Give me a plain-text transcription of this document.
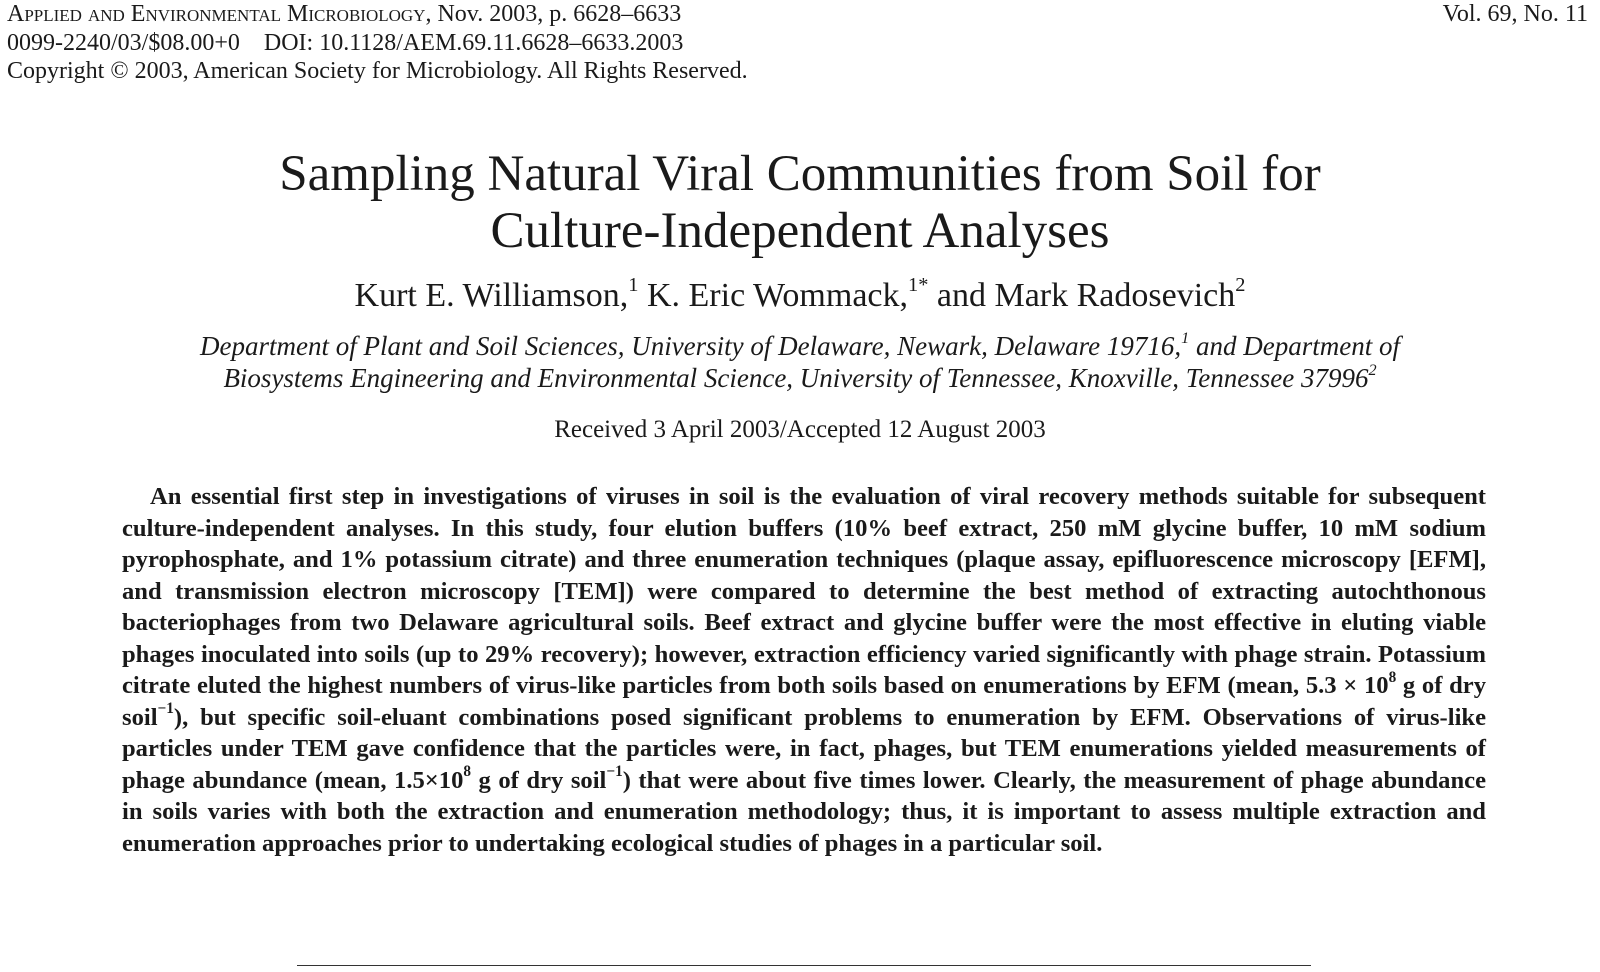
Applied and Environmental Microbiology, Nov. 2003, p. 6628–6633
0099-2240/03/$08.00+0    DOI: 10.1128/AEM.69.11.6628–6633.2003
Copyright © 2003, American Society for Microbiology. All Rights Reserved.
Vol. 69, No. 11
Sampling Natural Viral Communities from Soil for
Culture-Independent Analyses
Kurt E. Williamson,$^1$ K. Eric Wommack,$^{1*}$ and Mark Radosevich$^2$
Department of Plant and Soil Sciences, University of Delaware, Newark, Delaware 19716,$^1$ and Department of
Biosystems Engineering and Environmental Science, University of Tennessee, Knoxville, Tennessee 37996$^2$
Received 3 April 2003/Accepted 12 August 2003
An essential first step in investigations of viruses in soil is the evaluation of viral recovery methods suitable for subsequent culture-independent analyses. In this study, four elution buffers (10% beef extract, 250 mM glycine buffer, 10 mM sodium pyrophosphate, and 1% potassium citrate) and three enumeration techniques (plaque assay, epifluorescence microscopy [EFM], and transmission electron microscopy [TEM]) were compared to determine the best method of extracting autochthonous bacteriophages from two Delaware agricultural soils. Beef extract and glycine buffer were the most effective in eluting viable phages inoculated into soils (up to 29% recovery); however, extraction efficiency varied significantly with phage strain. Potassium citrate eluted the highest numbers of virus-like particles from both soils based on enumerations by EFM (mean, $5.3 \times 10^8$ g of dry soil$^{-1}$), but specific soil-eluant combinations posed significant problems to enumeration by EFM. Observations of virus-like particles under TEM gave confidence that the particles were, in fact, phages, but TEM enumerations yielded measurements of phage abundance (mean, $1.5\times 10^8$ g of dry soil$^{-1}$) that were about five times lower. Clearly, the measurement of phage abundance in soils varies with both the extraction and enumeration methodology; thus, it is important to assess multiple extraction and enumeration approaches prior to undertaking ecological studies of phages in a particular soil.
